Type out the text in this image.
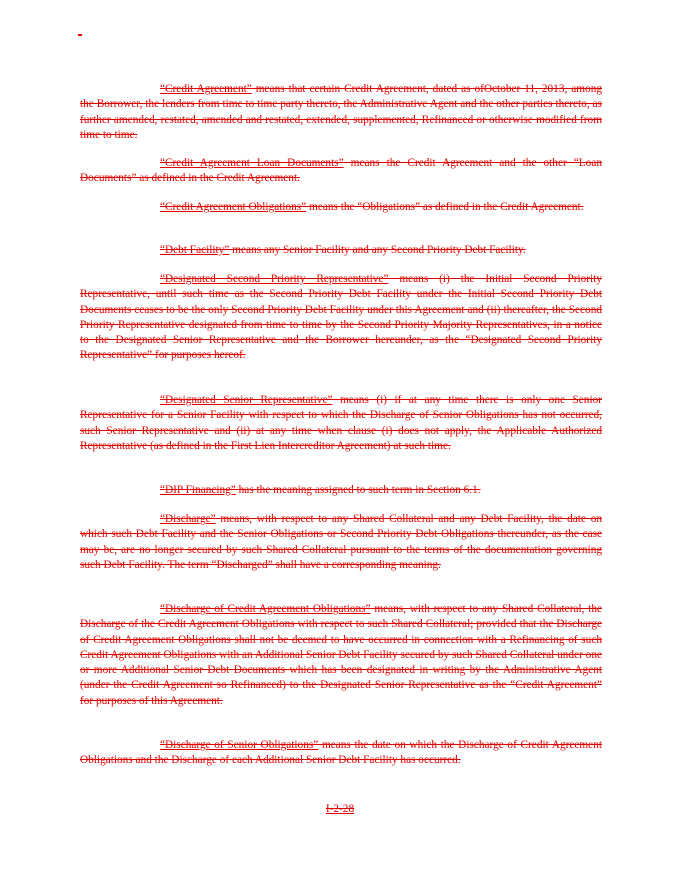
“Credit Agreement” means that certain Credit Agreement, dated as ofOctober 11, 2013, among the Borrower, the lenders from time to time party thereto, the Administrative Agent and the other parties thereto, as further amended, restated, amended and restated, extended, supplemented, Refinanced or otherwise modified from time to time.

“Credit Agreement Loan Documents” means the Credit Agreement and the other “Loan Documents” as defined in the Credit Agreement.

“Credit Agreement Obligations” means the “Obligations” as defined in the Credit Agreement.

“Debt Facility” means any Senior Facility and any Second Priority Debt Facility.

“Designated Second Priority Representative” means (i) the Initial Second Priority Representative, until such time as the Second Priority Debt Facility under the Initial Second Priority Debt Documents ceases to be the only Second Priority Debt Facility under this Agreement and (ii) thereafter, the Second Priority Representative designated from time to time by the Second Priority Majority Representatives, in a notice to the Designated Senior Representative and the Borrower hereunder, as the “Designated Second Priority Representative” for purposes hereof.

“Designated Senior Representative” means (i) if at any time there is only one Senior Representative for a Senior Facility with respect to which the Discharge of Senior Obligations has not occurred, such Senior Representative and (ii) at any time when clause (i) does not apply, the Applicable Authorized Representative (as defined in the First Lien Intercreditor Agreement) at such time.

“DIP Financing” has the meaning assigned to such term in Section 6.1.

“Discharge” means, with respect to any Shared Collateral and any Debt Facility, the date on which such Debt Facility and the Senior Obligations or Second Priority Debt Obligations thereunder, as the case may be, are no longer secured by such Shared Collateral pursuant to the terms of the documentation governing such Debt Facility. The term “Discharged” shall have a corresponding meaning.

“Discharge of Credit Agreement Obligations” means, with respect to any Shared Collateral, the Discharge of the Credit Agreement Obligations with respect to such Shared Collateral; provided that the Discharge of Credit Agreement Obligations shall not be deemed to have occurred in connection with a Refinancing of such Credit Agreement Obligations with an Additional Senior Debt Facility secured by such Shared Collateral under one or more Additional Senior Debt Documents which has been designated in writing by the Administrative Agent (under the Credit Agreement so Refinanced) to the Designated Senior Representative as the “Credit Agreement” for purposes of this Agreement.

“Discharge of Senior Obligations” means the date on which the Discharge of Credit Agreement Obligations and the Discharge of each Additional Senior Debt Facility has occurred.

I-2-28
